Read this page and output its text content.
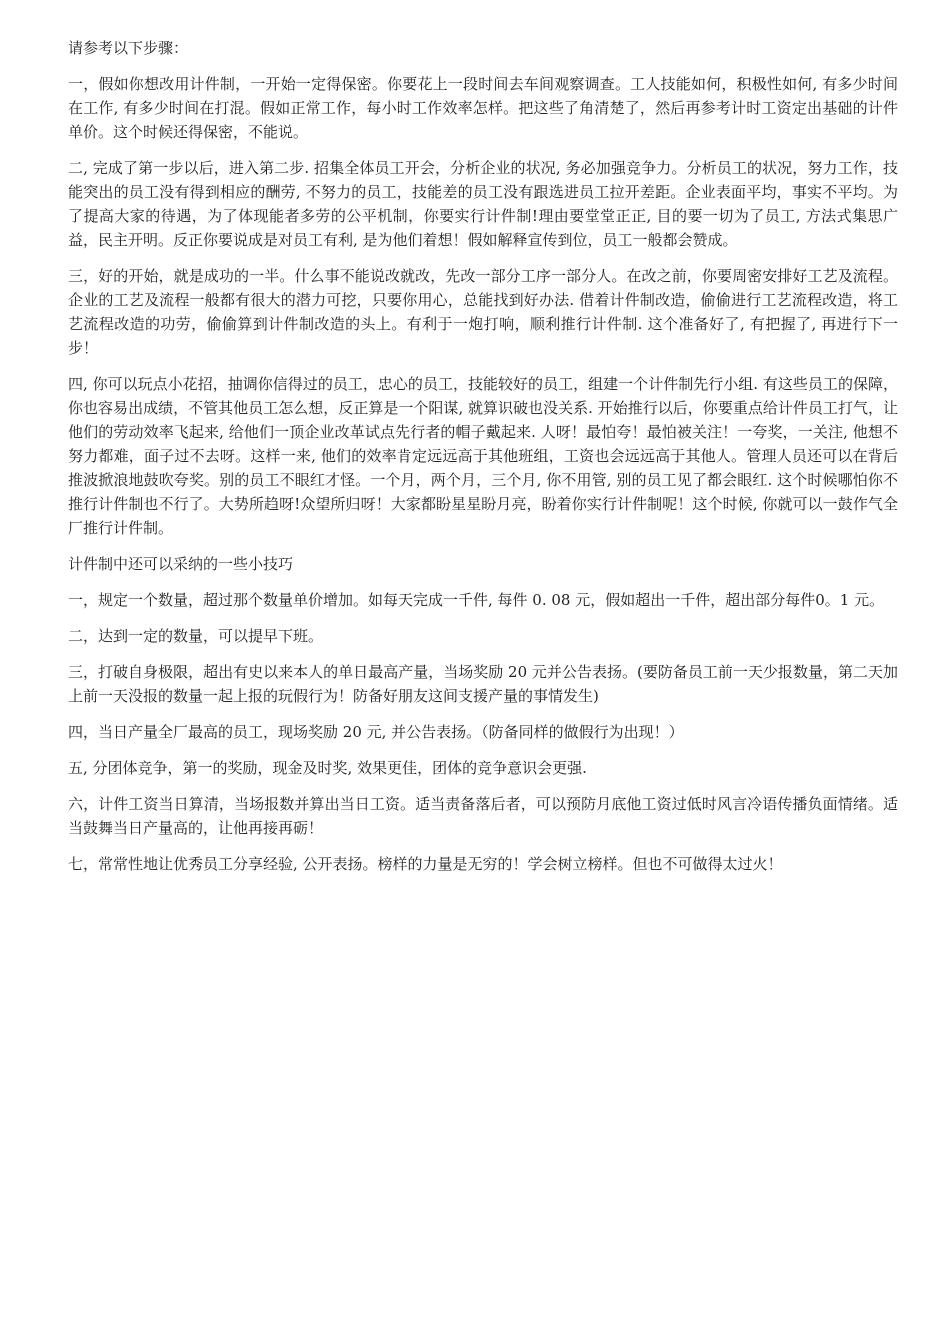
请参考以下步骤：

一，假如你想改用计件制，一开始一定得保密。你要花上一段时间去车间观察调查。工人技能如何，积极性如何, 有多少时间在工作, 有多少时间在打混。假如正常工作，每小时工作效率怎样。把这些了角清楚了，然后再参考计时工资定出基础的计件单价。这个时候还得保密，不能说。

二, 完成了第一步以后，进入第二步. 招集全体员工开会，分析企业的状况, 务必加强竞争力。分析员工的状况，努力工作，技能突出的员工没有得到相应的酬劳, 不努力的员工，技能差的员工没有跟选进员工拉开差距。企业表面平均，事实不平均。为了提高大家的待遇，为了体现能者多劳的公平机制，你要实行计件制!理由要堂堂正正, 目的要一切为了员工, 方法式集思广益，民主开明。反正你要说成是对员工有利, 是为他们着想！假如解释宣传到位，员工一般都会赞成。

三，好的开始，就是成功的一半。什么事不能说改就改，先改一部分工序一部分人。在改之前，你要周密安排好工艺及流程。企业的工艺及流程一般都有很大的潜力可挖，只要你用心，总能找到好办法. 借着计件制改造，偷偷进行工艺流程改造，将工艺流程改造的功劳，偷偷算到计件制改造的头上。有利于一炮打响，顺利推行计件制. 这个准备好了, 有把握了, 再进行下一步！

四, 你可以玩点小花招，抽调你信得过的员工，忠心的员工，技能较好的员工，组建一个计件制先行小组. 有这些员工的保障，你也容易出成绩，不管其他员工怎么想，反正算是一个阳谋, 就算识破也没关系. 开始推行以后，你要重点给计件员工打气，让他们的劳动效率飞起来, 给他们一顶企业改革试点先行者的帽子戴起来. 人呀！最怕夸！最怕被关注！一夸奖，一关注, 他想不努力都难，面子过不去呀。这样一来, 他们的效率肯定远远高于其他班组，工资也会远远高于其他人。管理人员还可以在背后推波掀浪地鼓吹夸奖。别的员工不眼红才怪。一个月，两个月，三个月, 你不用管, 别的员工见了都会眼红. 这个时候哪怕你不推行计件制也不行了。大势所趋呀!众望所归呀！大家都盼星星盼月亮，盼着你实行计件制呢！这个时候, 你就可以一鼓作气全厂推行计件制。

计件制中还可以采纳的一些小技巧

一，规定一个数量，超过那个数量单价增加。如每天完成一千件, 每件 0. 08 元，假如超出一千件，超出部分每件0。1 元。

二，达到一定的数量，可以提早下班。

三，打破自身极限，超出有史以来本人的单日最高产量，当场奖励 20 元并公告表扬。(要防备员工前一天少报数量，第二天加上前一天没报的数量一起上报的玩假行为！防备好朋友这间支援产量的事情发生)

四，当日产量全厂最高的员工，现场奖励 20 元, 并公告表扬。（防备同样的做假行为出现！）

五, 分团体竞争，第一的奖励，现金及时奖, 效果更佳，团体的竞争意识会更强.

六，计件工资当日算清，当场报数并算出当日工资。适当责备落后者，可以预防月底他工资过低时风言冷语传播负面情绪。适当鼓舞当日产量高的，让他再接再砺！

七，常常性地让优秀员工分享经验, 公开表扬。榜样的力量是无穷的！学会树立榜样。但也不可做得太过火！
